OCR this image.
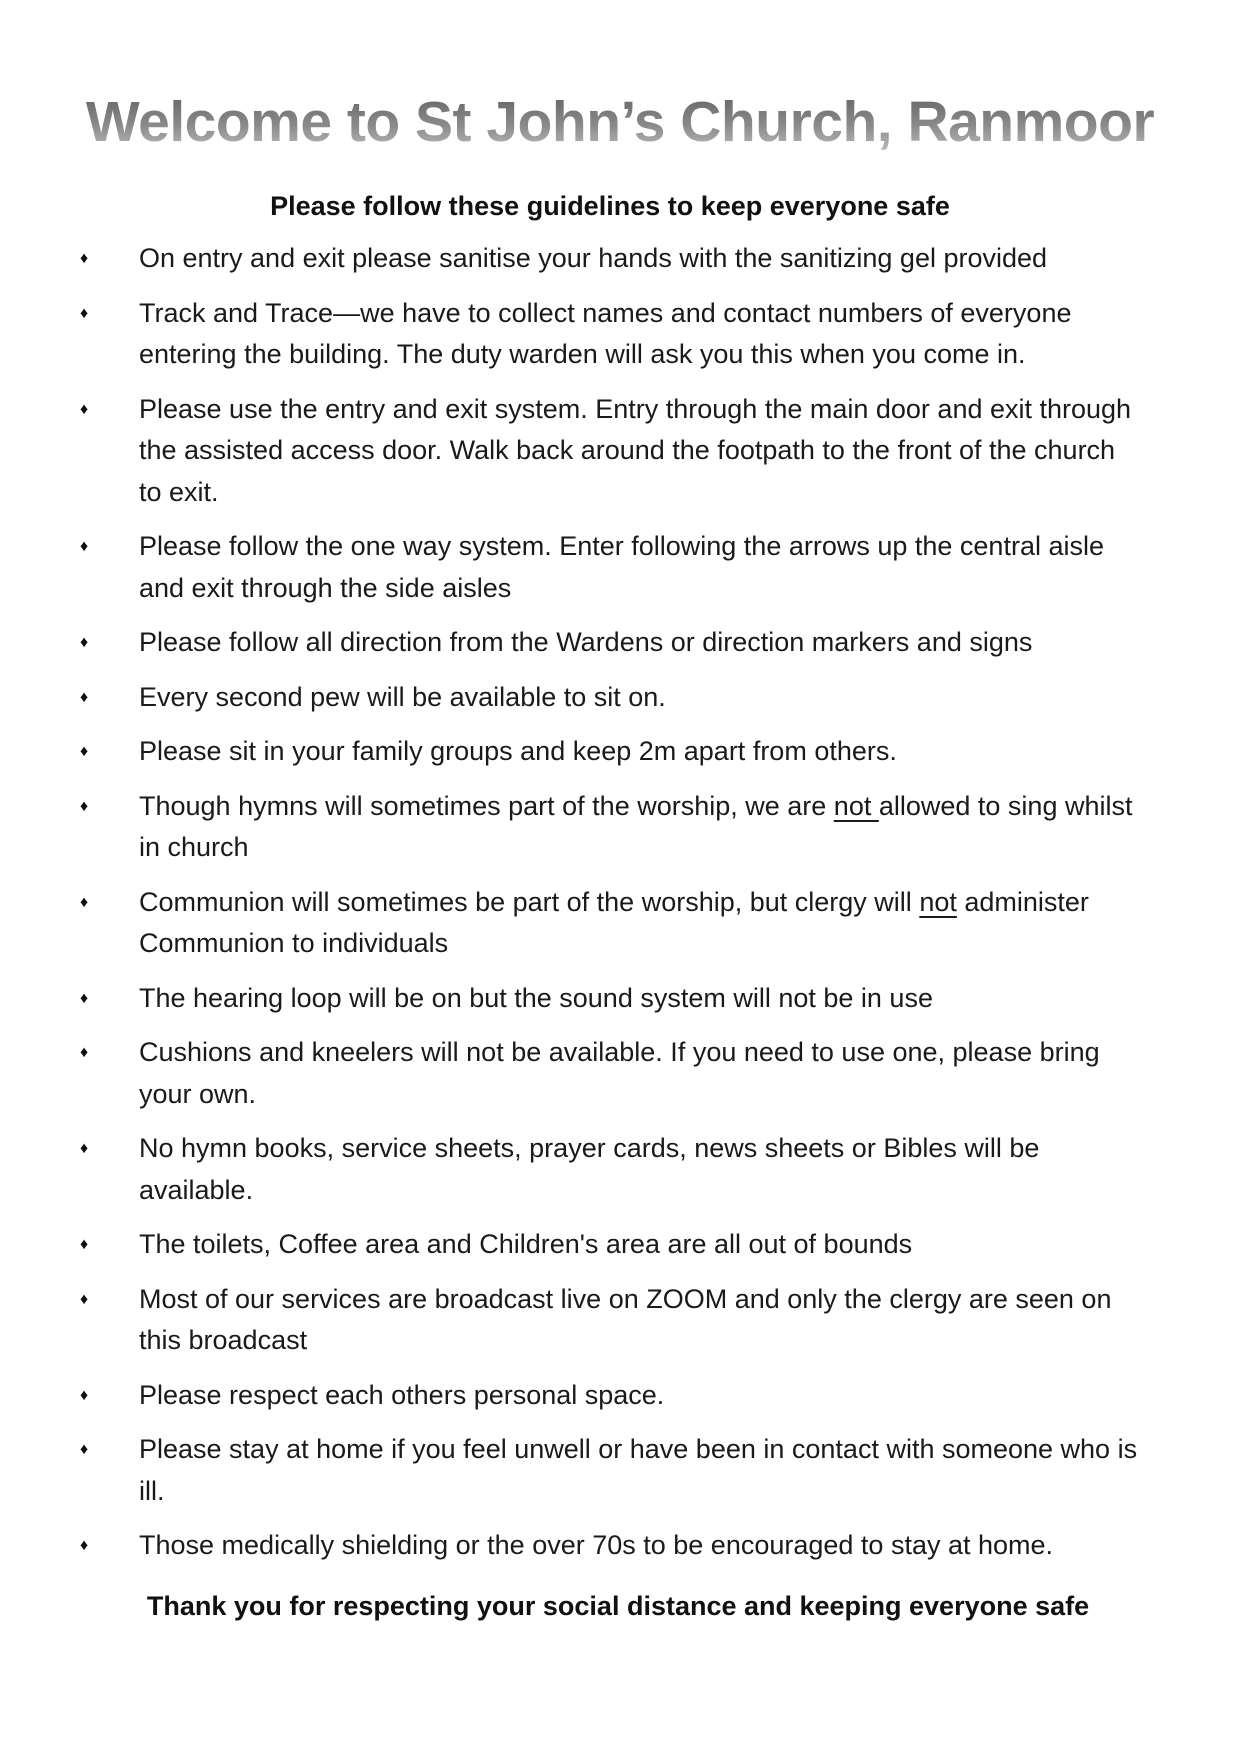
Welcome to St John’s Church, Ranmoor
Please follow these guidelines to keep everyone safe
♦	On entry and exit please sanitise your hands with the sanitizing gel provided
♦	Track and Trace—we have to collect names and contact numbers of everyone entering the building. The duty warden will ask you this when you come in.
♦	Please use the entry and exit system. Entry through the main door and exit through the assisted access door. Walk back around the footpath to the front of the church to exit.
♦	Please follow the one way system. Enter following the arrows up the central aisle and exit through the side aisles
♦	Please follow all direction from the Wardens or direction markers and signs
♦	Every second pew will be available to sit on.
♦	Please sit in your family groups and keep 2m apart from others.
♦	Though hymns will sometimes part of the worship, we are not allowed to sing whilst in church
♦	Communion will sometimes be part of the worship, but clergy will not administer Communion to individuals
♦	The hearing loop will be on but the sound system will not be in use
♦	Cushions and kneelers will not be available. If you need to use one, please bring your own.
♦	No hymn books, service sheets, prayer cards, news sheets or Bibles will be available.
♦	The toilets, Coffee area and Children's area are all out of bounds
♦	Most of our services are broadcast live on ZOOM and only the clergy are seen on this broadcast
♦	Please respect each others personal space.
♦	Please stay at home if you feel unwell or have been in contact with someone who is ill.
♦	Those medically shielding or the over 70s to be encouraged to stay at home.
Thank you for respecting your social distance and keeping everyone safe
